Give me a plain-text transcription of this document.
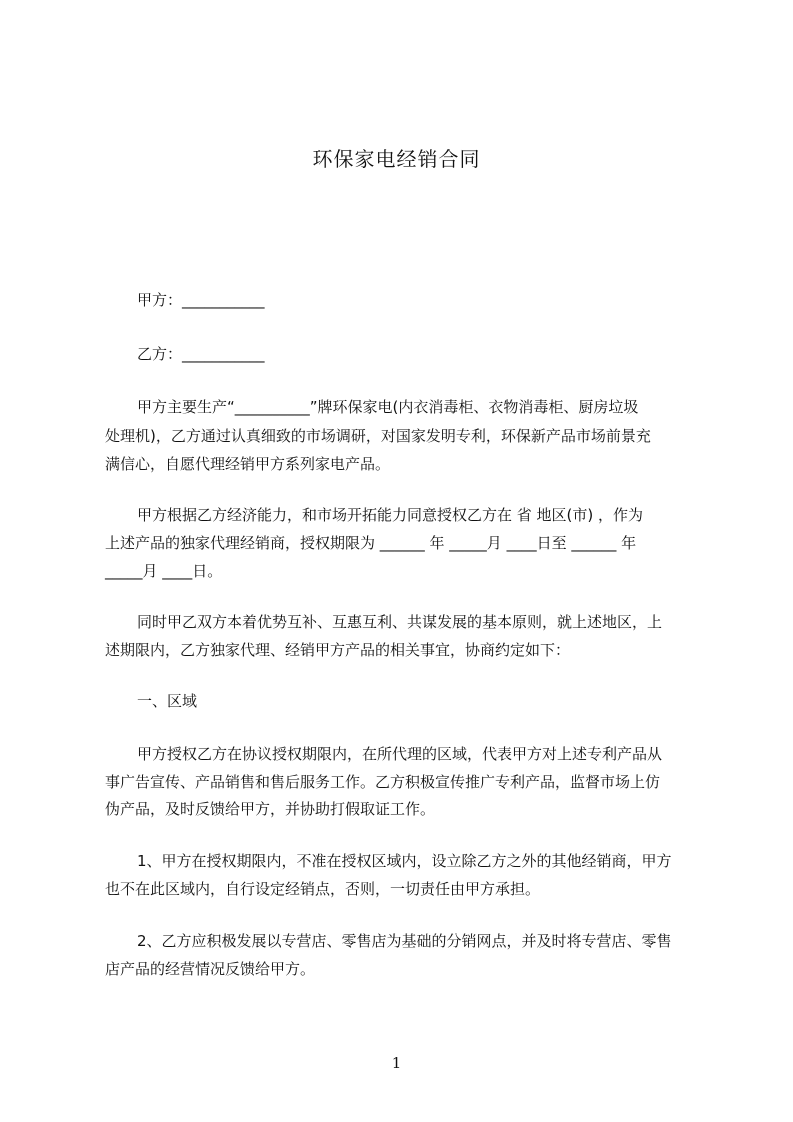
环保家电经销合同
甲方：___________
乙方：___________
甲方主要生产“__________”牌环保家电(内衣消毒柜、衣物消毒柜、厨房垃圾
处理机)，乙方通过认真细致的市场调研，对国家发明专利，环保新产品市场前景充
满信心，自愿代理经销甲方系列家电产品。
甲方根据乙方经济能力，和市场开拓能力同意授权乙方在 省 地区(市) ，作为
上述产品的独家代理经销商，授权期限为 ______ 年 _____月 ____日至 ______ 年
_____月 ____日。
同时甲乙双方本着优势互补、互惠互利、共谋发展的基本原则，就上述地区，上
述期限内，乙方独家代理、经销甲方产品的相关事宜，协商约定如下：
一、区域
甲方授权乙方在协议授权期限内，在所代理的区域，代表甲方对上述专利产品从
事广告宣传、产品销售和售后服务工作。乙方积极宣传推广专利产品，监督市场上仿
伪产品，及时反馈给甲方，并协助打假取证工作。
1、甲方在授权期限内，不准在授权区域内，设立除乙方之外的其他经销商，甲方
也不在此区域内，自行设定经销点，否则，一切责任由甲方承担。
2、乙方应积极发展以专营店、零售店为基础的分销网点，并及时将专营店、零售
店产品的经营情况反馈给甲方。
1
